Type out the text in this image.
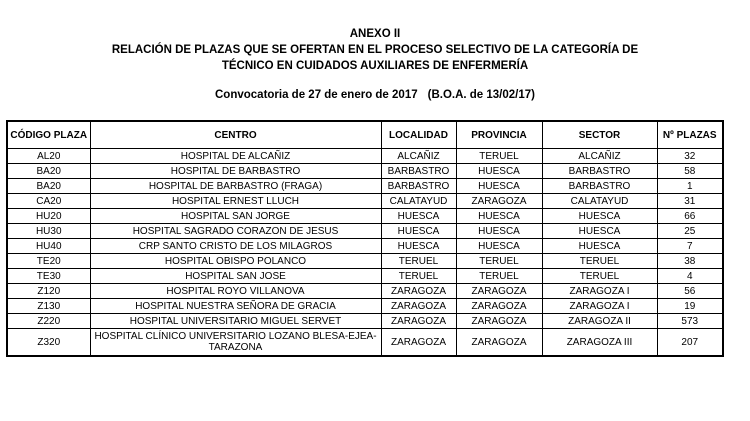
ANEXO II
RELACIÓN DE PLAZAS QUE SE OFERTAN EN EL PROCESO SELECTIVO DE LA CATEGORÍA DE
TÉCNICO EN CUIDADOS AUXILIARES DE ENFERMERÍA
Convocatoria de 27 de enero de 2017 (B.O.A. de 13/02/17)
CÓDIGO PLAZA	CENTRO	LOCALIDAD	PROVINCIA	SECTOR	Nº PLAZAS
AL20	HOSPITAL DE ALCAÑIZ	ALCAÑIZ	TERUEL	ALCAÑIZ	32
BA20	HOSPITAL DE BARBASTRO	BARBASTRO	HUESCA	BARBASTRO	58
BA20	HOSPITAL DE BARBASTRO (FRAGA)	BARBASTRO	HUESCA	BARBASTRO	1
CA20	HOSPITAL ERNEST LLUCH	CALATAYUD	ZARAGOZA	CALATAYUD	31
HU20	HOSPITAL SAN JORGE	HUESCA	HUESCA	HUESCA	66
HU30	HOSPITAL SAGRADO CORAZON DE JESUS	HUESCA	HUESCA	HUESCA	25
HU40	CRP SANTO CRISTO DE LOS MILAGROS	HUESCA	HUESCA	HUESCA	7
TE20	HOSPITAL OBISPO POLANCO	TERUEL	TERUEL	TERUEL	38
TE30	HOSPITAL SAN JOSE	TERUEL	TERUEL	TERUEL	4
Z120	HOSPITAL ROYO VILLANOVA	ZARAGOZA	ZARAGOZA	ZARAGOZA I	56
Z130	HOSPITAL NUESTRA SEÑORA DE GRACIA	ZARAGOZA	ZARAGOZA	ZARAGOZA I	19
Z220	HOSPITAL UNIVERSITARIO MIGUEL SERVET	ZARAGOZA	ZARAGOZA	ZARAGOZA II	573
Z320	HOSPITAL CLÍNICO UNIVERSITARIO LOZANO BLESA-EJEA-TARAZONA	ZARAGOZA	ZARAGOZA	ZARAGOZA III	207
